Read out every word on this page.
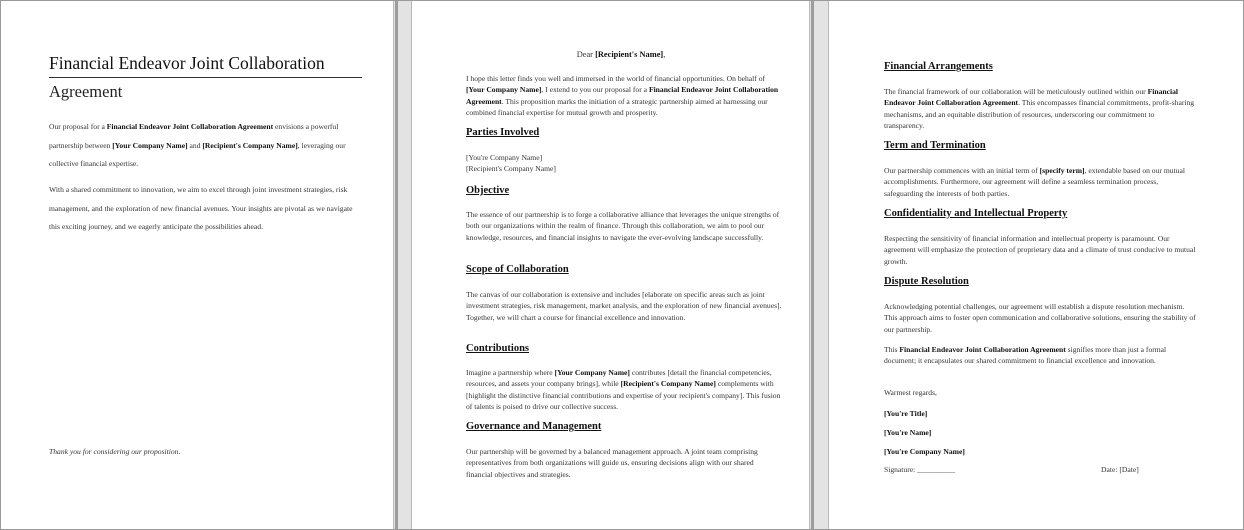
Financial Endeavor Joint Collaboration
Agreement
Our proposal for a Financial Endeavor Joint Collaboration Agreement envisions a powerful partnership between [Your Company Name] and [Recipient's Company Name], leveraging our collective financial expertise.
With a shared commitment to innovation, we aim to excel through joint investment strategies, risk management, and the exploration of new financial avenues. Your insights are pivotal as we navigate this exciting journey, and we eagerly anticipate the possibilities ahead.
Thank you for considering our proposition.
Dear [Recipient's Name],
I hope this letter finds you well and immersed in the world of financial opportunities. On behalf of [Your Company Name], I extend to you our proposal for a Financial Endeavor Joint Collaboration Agreement. This proposition marks the initiation of a strategic partnership aimed at harnessing our combined financial expertise for mutual growth and prosperity.
Parties Involved
[You're Company Name]
[Recipient's Company Name]
Objective
The essence of our partnership is to forge a collaborative alliance that leverages the unique strengths of both our organizations within the realm of finance. Through this collaboration, we aim to pool our knowledge, resources, and financial insights to navigate the ever-evolving landscape successfully.
Scope of Collaboration
The canvas of our collaboration is extensive and includes [elaborate on specific areas such as joint investment strategies, risk management, market analysis, and the exploration of new financial avenues]. Together, we will chart a course for financial excellence and innovation.
Contributions
Imagine a partnership where [Your Company Name] contributes [detail the financial competencies, resources, and assets your company brings], while [Recipient's Company Name] complements with [highlight the distinctive financial contributions and expertise of your recipient's company]. This fusion of talents is poised to drive our collective success.
Governance and Management
Our partnership will be governed by a balanced management approach. A joint team comprising representatives from both organizations will guide us, ensuring decisions align with our shared financial objectives and strategies.
Financial Arrangements
The financial framework of our collaboration will be meticulously outlined within our Financial Endeavor Joint Collaboration Agreement. This encompasses financial commitments, profit-sharing mechanisms, and an equitable distribution of resources, underscoring our commitment to transparency.
Term and Termination
Our partnership commences with an initial term of [specify term], extendable based on our mutual accomplishments. Furthermore, our agreement will define a seamless termination process, safeguarding the interests of both parties.
Confidentiality and Intellectual Property
Respecting the sensitivity of financial information and intellectual property is paramount. Our agreement will emphasize the protection of proprietary data and a climate of trust conducive to mutual growth.
Dispute Resolution
Acknowledging potential challenges, our agreement will establish a dispute resolution mechanism. This approach aims to foster open communication and collaborative solutions, ensuring the stability of our partnership.
This Financial Endeavor Joint Collaboration Agreement signifies more than just a formal document; it encapsulates our shared commitment to financial excellence and innovation.
Warmest regards,
[You're Title]
[You're Name]
[You're Company Name]
Signature: __________	Date: [Date]
